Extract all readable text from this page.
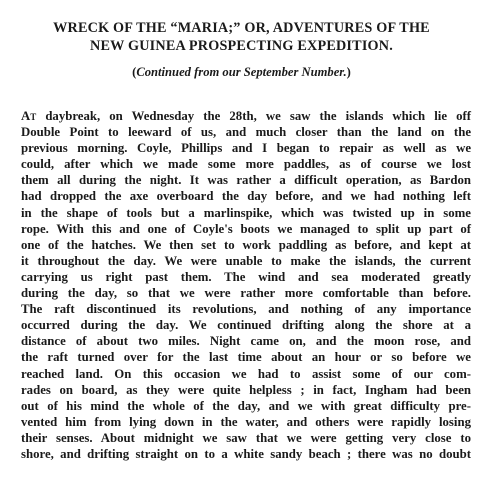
WRECK OF THE “MARIA;” OR, ADVENTURES OF THE
NEW GUINEA PROSPECTING EXPEDITION.
(Continued from our September Number.)
At daybreak, on Wednesday the 28th, we saw the islands which lie off
Double Point to leeward of us, and much closer than the land on the
previous morning. Coyle, Phillips and I began to repair as well as we
could, after which we made some more paddles, as of course we lost
them all during the night. It was rather a difficult operation, as Bardon
had dropped the axe overboard the day before, and we had nothing left
in the shape of tools but a marlinspike, which was twisted up in some
rope. With this and one of Coyle's boots we managed to split up part of
one of the hatches. We then set to work paddling as before, and kept at
it throughout the day. We were unable to make the islands, the current
carrying us right past them. The wind and sea moderated greatly
during the day, so that we were rather more comfortable than before.
The raft discontinued its revolutions, and nothing of any importance
occurred during the day. We continued drifting along the shore at a
distance of about two miles. Night came on, and the moon rose, and
the raft turned over for the last time about an hour or so before we
reached land. On this occasion we had to assist some of our com-
rades on board, as they were quite helpless ; in fact, Ingham had been
out of his mind the whole of the day, and we with great difficulty pre-
vented him from lying down in the water, and others were rapidly losing
their senses. About midnight we saw that we were getting very close to
shore, and drifting straight on to a white sandy beach ; there was no doubt
